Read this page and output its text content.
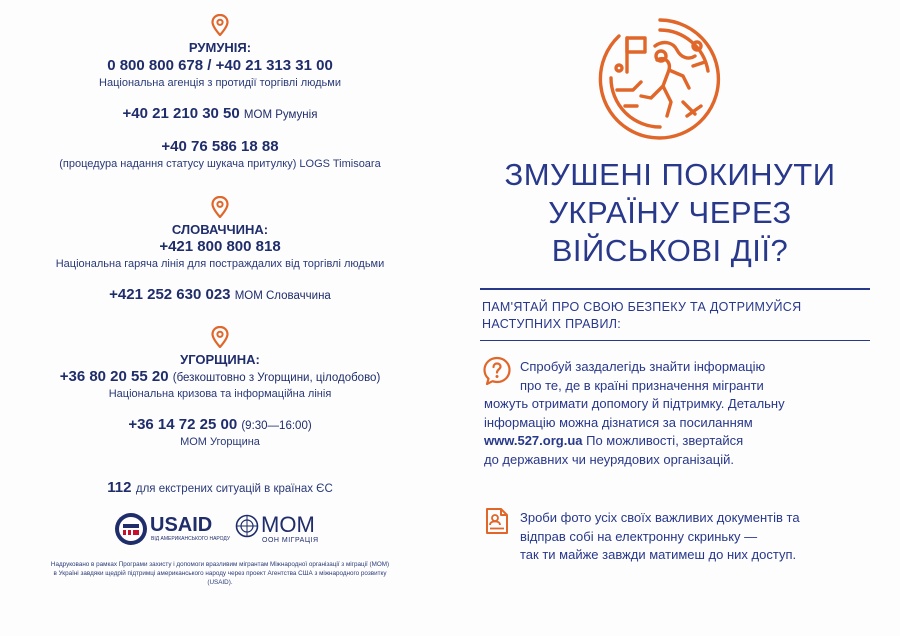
РУМУНІЯ:
0 800 800 678 / +40 21 313 31 00
Національна агенція з протидії торгівлі людьми
+40 21 210 30 50 МОМ Румунія
+40 76 586 18 88
(процедура надання статусу шукача притулку) LOGS Timisoara
СЛОВАЧЧИНА:
+421 800 800 818
Національна гаряча лінія для постраждалих від торгівлі людьми
+421 252 630 023 МОМ Словаччина
УГОРЩИНА:
+36 80 20 55 20 (безкоштовно з Угорщини, цілодобово)
Національна кризова та інформаційна лінія
+36 14 72 25 00 (9:30—16:00)
МОМ Угорщина
112 для екстрених ситуацій в країнах ЄС
USAID
ВІД АМЕРИКАНСЬКОГО НАРОДУ
МОМ
ООН МІГРАЦІЯ
Надруковано в рамках Програми захисту і допомоги вразливим мігрантам Міжнародної організації з міграції (МОМ) в Україні завдяки щедрій підтримці американського народу через проект Агентства США з міжнародного розвитку (USAID).
ЗМУШЕНІ ПОКИНУТИ
УКРАЇНУ ЧЕРЕЗ
ВІЙСЬКОВІ ДІЇ?
ПАМ'ЯТАЙ ПРО СВОЮ БЕЗПЕКУ ТА ДОТРИМУЙСЯ
НАСТУПНИХ ПРАВИЛ:
Спробуй заздалегідь знайти інформацію
про те, де в країні призначення мігранти
можуть отримати допомогу й підтримку. Детальну
інформацію можна дізнатися за посиланням
www.527.org.ua По можливості, звертайся
до державних чи неурядових організацій.
Зроби фото усіх своїх важливих документів та
відправ собі на електронну скриньку —
так ти майже завжди матимеш до них доступ.
